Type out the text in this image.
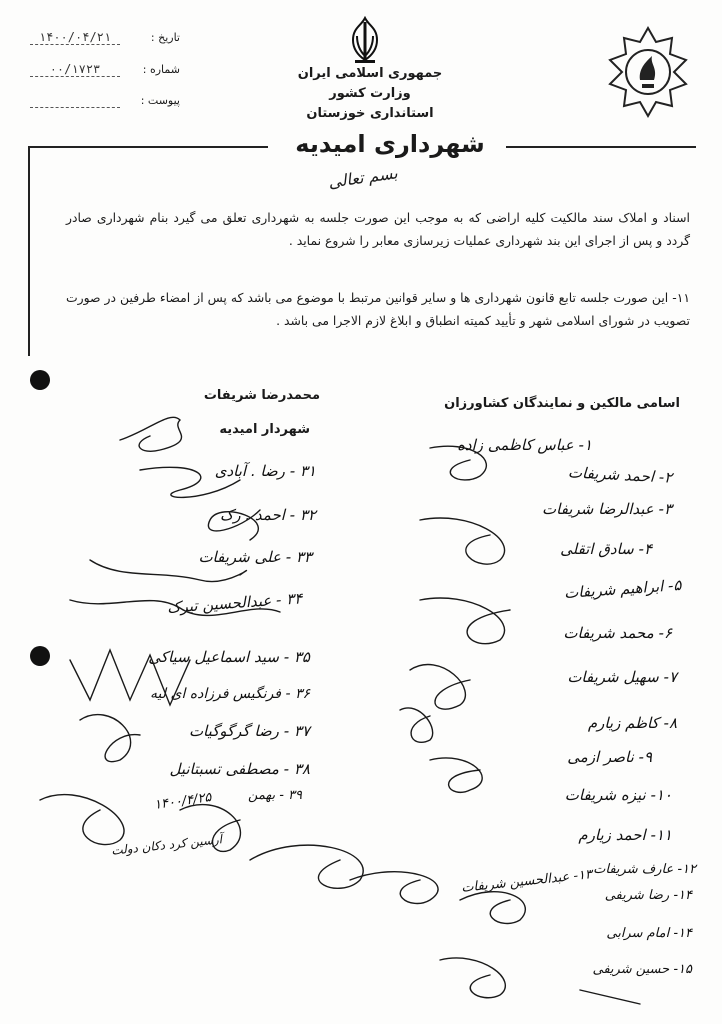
۱۴۰۰/۰۴/۲۱	تاریخ :
۰۰/۱۷۲۳	شماره :

پیوست :
جمهوری اسلامی ایران
وزارت کشور
استانداری خوزستان
شهرداری امیدیه
بسم تعالی
اسناد و املاک سند مالکیت کلیه اراضی که به موجب این صورت جلسه به شهرداری تعلق می گیرد بنام شهرداری صادر گردد و پس از اجرای این بند شهرداری عملیات زیرسازی معابر را شروع نماید .
۱۱- این صورت جلسه تابع قانون شهرداری ها و سایر قوانین مرتبط با موضوع می باشد که پس از امضاء طرفین در صورت تصویب در شورای اسلامی شهر و تأیید کمیته انطباق و ابلاغ لازم الاجرا می باشد .
اسامی مالکین و نمایندگان کشاورزان
محمدرضا شریفات
شهردار امیدیه
۱- عباس کاظمی زاده
۲- احمد شریفات
۳- عبدالرضا شریفات
۴- سادق اتقلی
۵- ابراهیم شریفات
۶- محمد شریفات
۷- سهیل شریفات
۸- کاظم زیارم
۹- ناصر ازمی
۱۰- نیزه شریفات
۱۱- احمد زیارم
۱۲- عارف شریفات
۱۳- عبدالحسین شریفات
۱۴- رضا شریفی
۱۴- امام سرابی
۱۵- حسین شریفی
۳۱ - رضا . آبادی
۳۲ - احمد . رک
۳۳ - علی شریفات
۳۴ - عبدالحسین تیرک
۳۵ - سید اسماعیل سیاکی
۳۶ - فرنگیس فرزاده ای لیه
۳۷ - رضا گرگوگیات
۳۸ - مصطفی تسبتانیل
۳۹ - بهمن
۱۴۰۰/۴/۲۵
آرسین کرد دکان دولت
